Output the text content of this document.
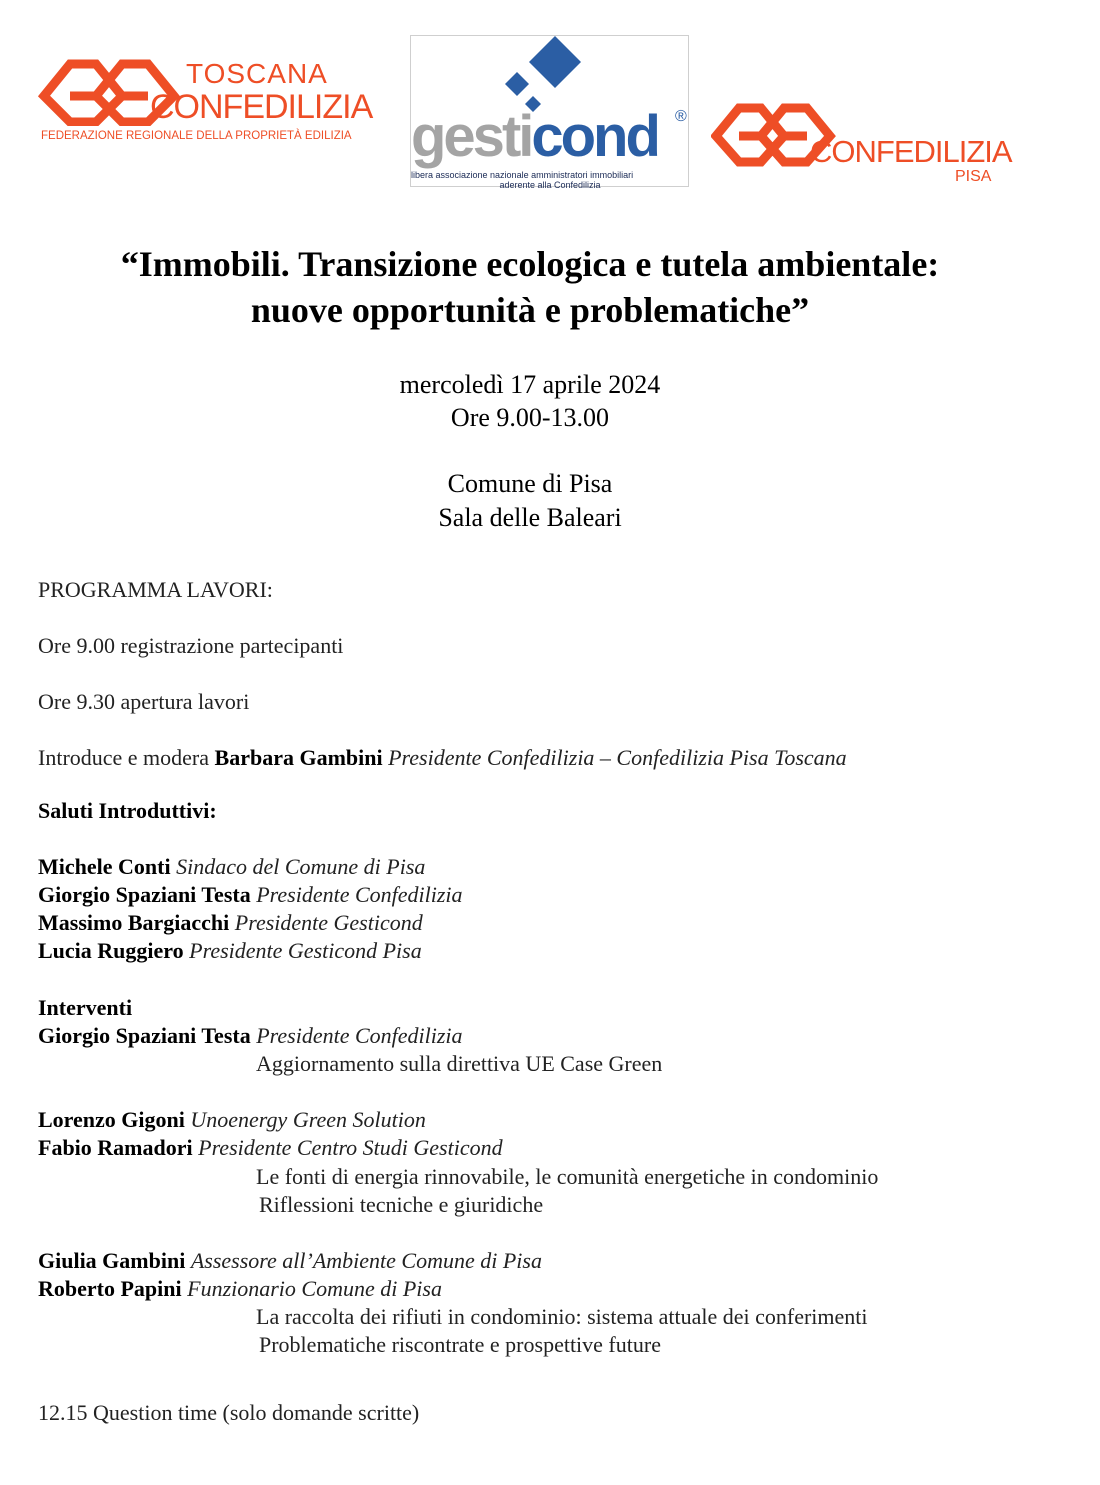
TOSCANA
CONFEDILIZIA
FEDERAZIONE REGIONALE DELLA PROPRIETÀ EDILIZIA gesticond ®
libera associazione nazionale amministratori immobiliari
aderente alla Confedilizia
CONFEDILIZIA
PISA
“Immobili. Transizione ecologica e tutela ambientale:
nuove opportunità e problematiche”
mercoledì 17 aprile 2024
Ore 9.00-13.00
Comune di Pisa
Sala delle Baleari
PROGRAMMA LAVORI:
Ore 9.00 registrazione partecipanti
Ore 9.30 apertura lavori
Introduce e modera Barbara Gambini Presidente Confedilizia – Confedilizia Pisa Toscana
Saluti Introduttivi:
Michele Conti Sindaco del Comune di Pisa
Giorgio Spaziani Testa Presidente Confedilizia
Massimo Bargiacchi Presidente Gesticond
Lucia Ruggiero Presidente Gesticond Pisa
Interventi
Giorgio Spaziani Testa Presidente Confedilizia
Aggiornamento sulla direttiva UE Case Green
Lorenzo Gigoni Unoenergy Green Solution
Fabio Ramadori Presidente Centro Studi Gesticond
Le fonti di energia rinnovabile, le comunità energetiche in condominio
Riflessioni tecniche e giuridiche
Giulia Gambini Assessore all’Ambiente Comune di Pisa
Roberto Papini Funzionario Comune di Pisa
La raccolta dei rifiuti in condominio: sistema attuale dei conferimenti
Problematiche riscontrate e prospettive future
12.15 Question time (solo domande scritte)
